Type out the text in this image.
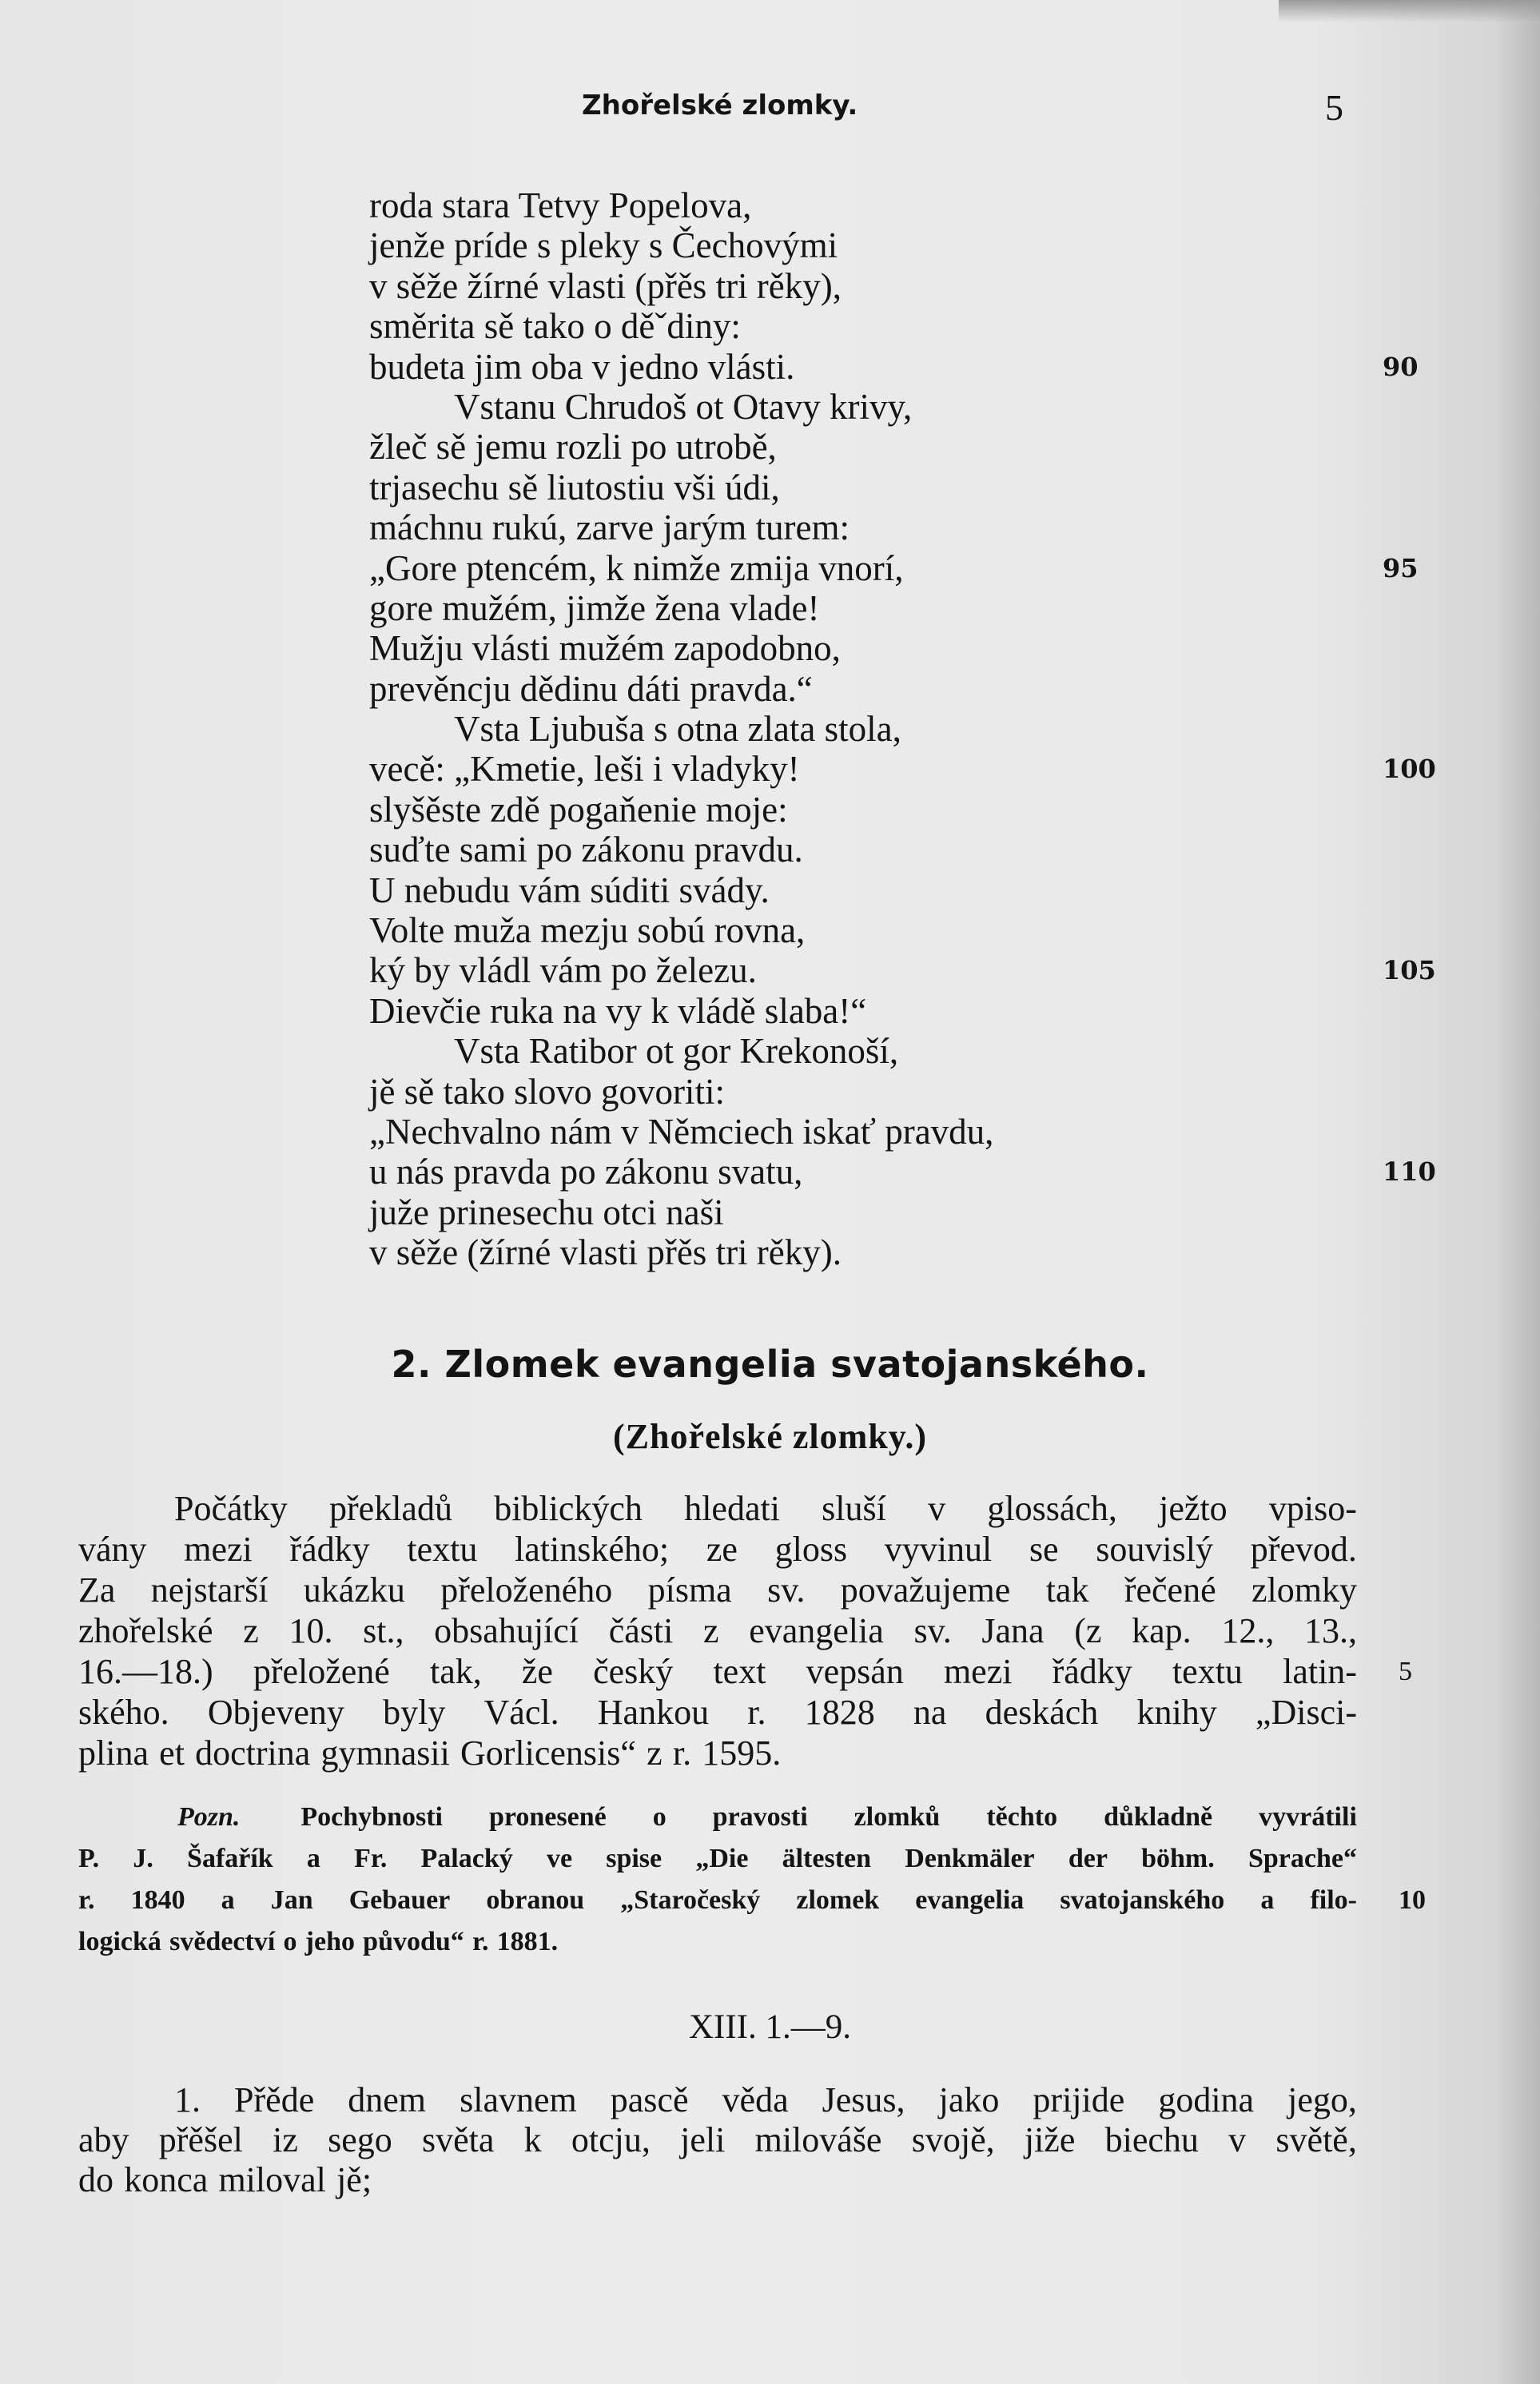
Zhořelské zlomky.	5
roda stara Tetvy Popelova,
jenže príde s pleky s Čechovými
v sěže žírné vlasti (přěs tri rěky),
směrita sě tako o děˇdiny:
budeta jim oba v jedno vlásti.	90
Vstanu Chrudoš ot Otavy krivy,
žleč sě jemu rozli po utrobě,
trjasechu sě liutostiu vši údi,
máchnu rukú, zarve jarým turem:
„Gore ptencém, k nimže zmija vnorí,	95
gore mužém, jimže žena vlade!
Mužju vlásti mužém zapodobno,
prevěncju dědinu dáti pravda.“
Vsta Ljubuša s otna zlata stola,
vecě: „Kmetie, leši i vladyky!	100
slyšěste zdě pogaňenie moje:
suďte sami po zákonu pravdu.
U nebudu vám súditi svády.
Volte muža mezju sobú rovna,
ký by vládl vám po železu.	105
Dievčie ruka na vy k vládě slaba!“
Vsta Ratibor ot gor Krekonoší,
jě sě tako slovo govoriti:
„Nechvalno nám v Němciech iskať pravdu,
u nás pravda po zákonu svatu,	110
juže prinesechu otci naši
v sěže (žírné vlasti přěs tri rěky).
2. Zlomek evangelia svatojanského.
(Zhořelské zlomky.)
Počátky překladů biblických hledati sluší v glossách, ježto vpiso-
vány mezi řádky textu latinského; ze gloss vyvinul se souvislý převod.
Za nejstarší ukázku přeloženého písma sv. považujeme tak řečené zlomky
zhořelské z 10. st., obsahující části z evangelia sv. Jana (z kap. 12., 13.,
16.—18.) přeložené tak, že český text vepsán mezi řádky textu latin- 5
ského. Objeveny byly Václ. Hankou r. 1828 na deskách knihy „Disci-
plina et doctrina gymnasii Gorlicensis“ z r. 1595.
Pozn. Pochybnosti pronesené o pravosti zlomků těchto důkladně vyvrátili
P. J. Šafařík a Fr. Palacký ve spise „Die ältesten Denkmäler der böhm. Sprache“
r. 1840 a Jan Gebauer obranou „Staročeský zlomek evangelia svatojanského a filo- 10
logická svědectví o jeho původu“ r. 1881.
XIII. 1.—9.
1. Přěde dnem slavnem pascě věda Jesus, jako prijide godina jego,
aby přěšel iz sego světa k otcju, jeli milováše svojě, jiže biechu v světě,
do konca miloval jě;
